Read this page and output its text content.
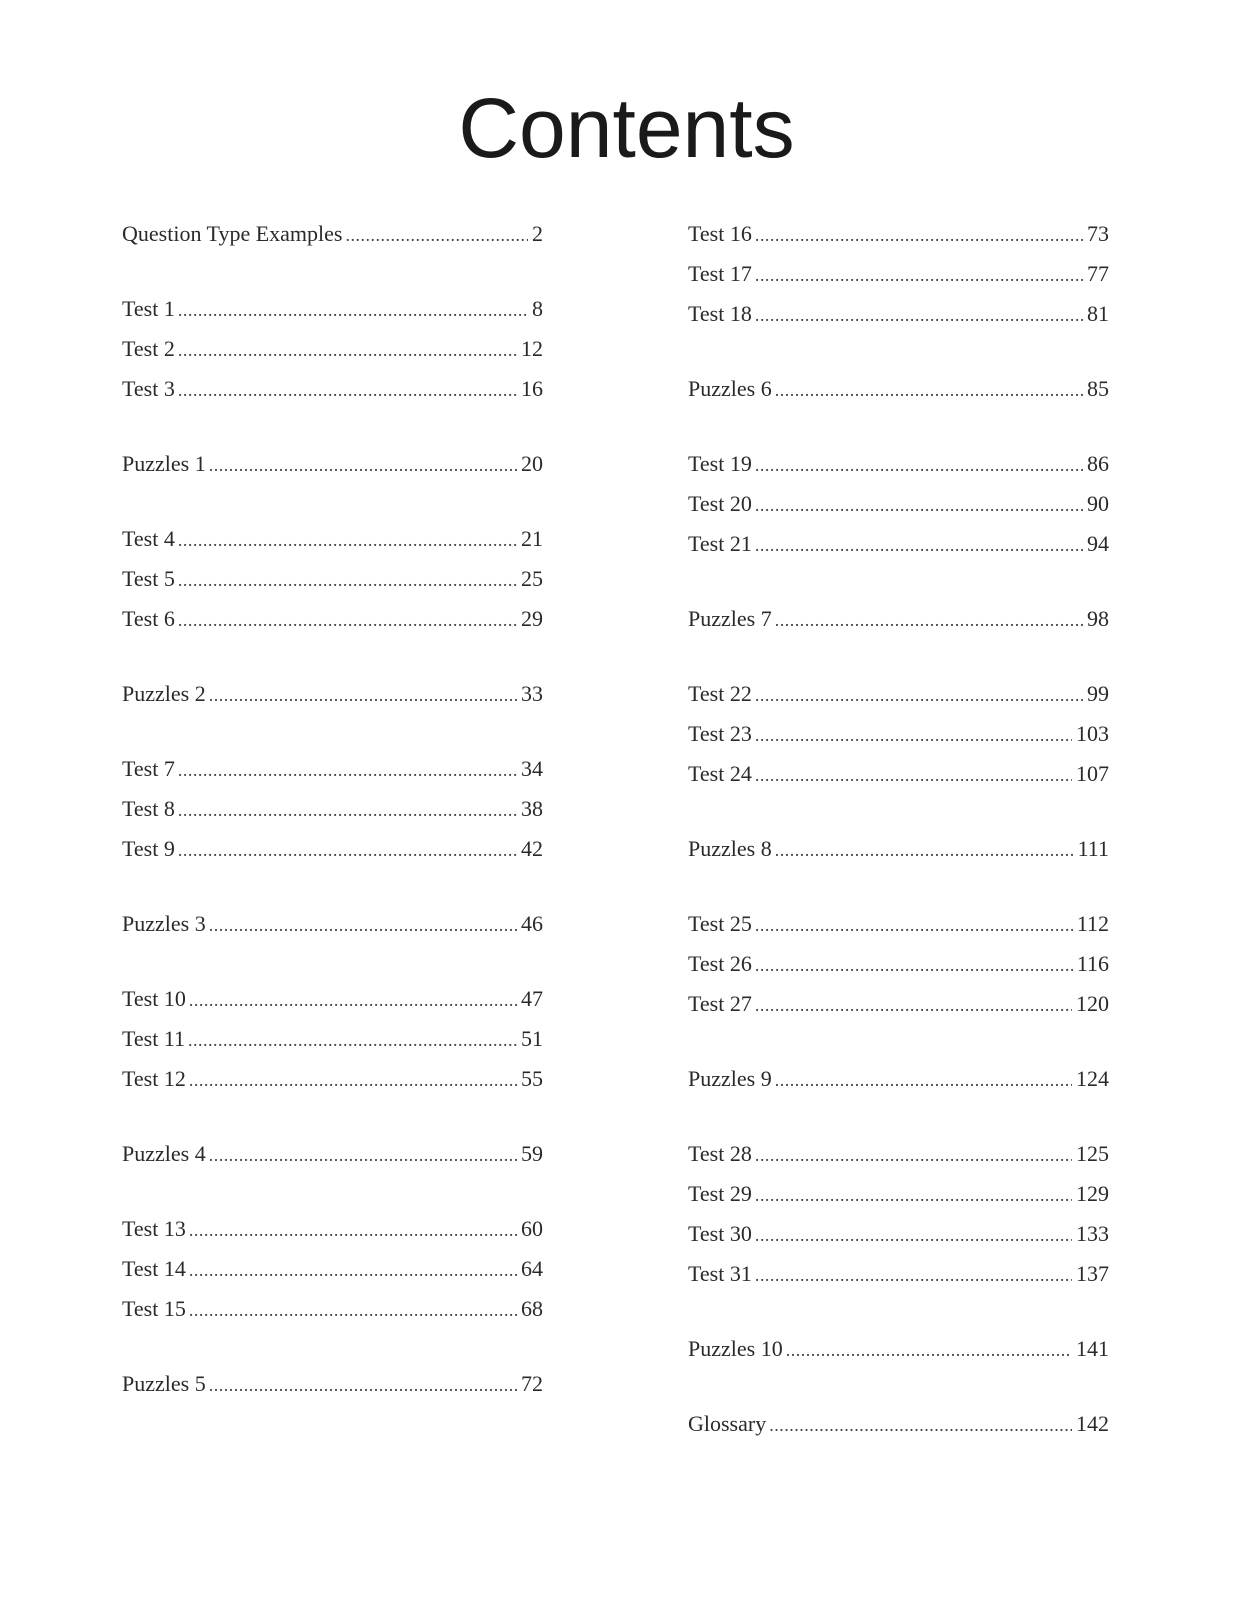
Contents
Question Type Examples .....	2
Test 1 .....	8
Test 2 .....	12
Test 3 .....	16
Puzzles 1 .....	20
Test 4 .....	21
Test 5 .....	25
Test 6 .....	29
Puzzles 2 .....	33
Test 7 .....	34
Test 8 .....	38
Test 9 .....	42
Puzzles 3 .....	46
Test 10 .....	47
Test 11 .....	51
Test 12 .....	55
Puzzles 4 .....	59
Test 13 .....	60
Test 14 .....	64
Test 15 .....	68
Puzzles 5 .....	72
Test 16 .....	73
Test 17 .....	77
Test 18 .....	81
Puzzles 6 .....	85
Test 19 .....	86
Test 20 .....	90
Test 21 .....	94
Puzzles 7 .....	98
Test 22 .....	99
Test 23 .....	103
Test 24 .....	107
Puzzles 8 .....	111
Test 25 .....	112
Test 26 .....	116
Test 27 .....	120
Puzzles 9 .....	124
Test 28 .....	125
Test 29 .....	129
Test 30 .....	133
Test 31 .....	137
Puzzles 10 .....	141
Glossary .....	142
